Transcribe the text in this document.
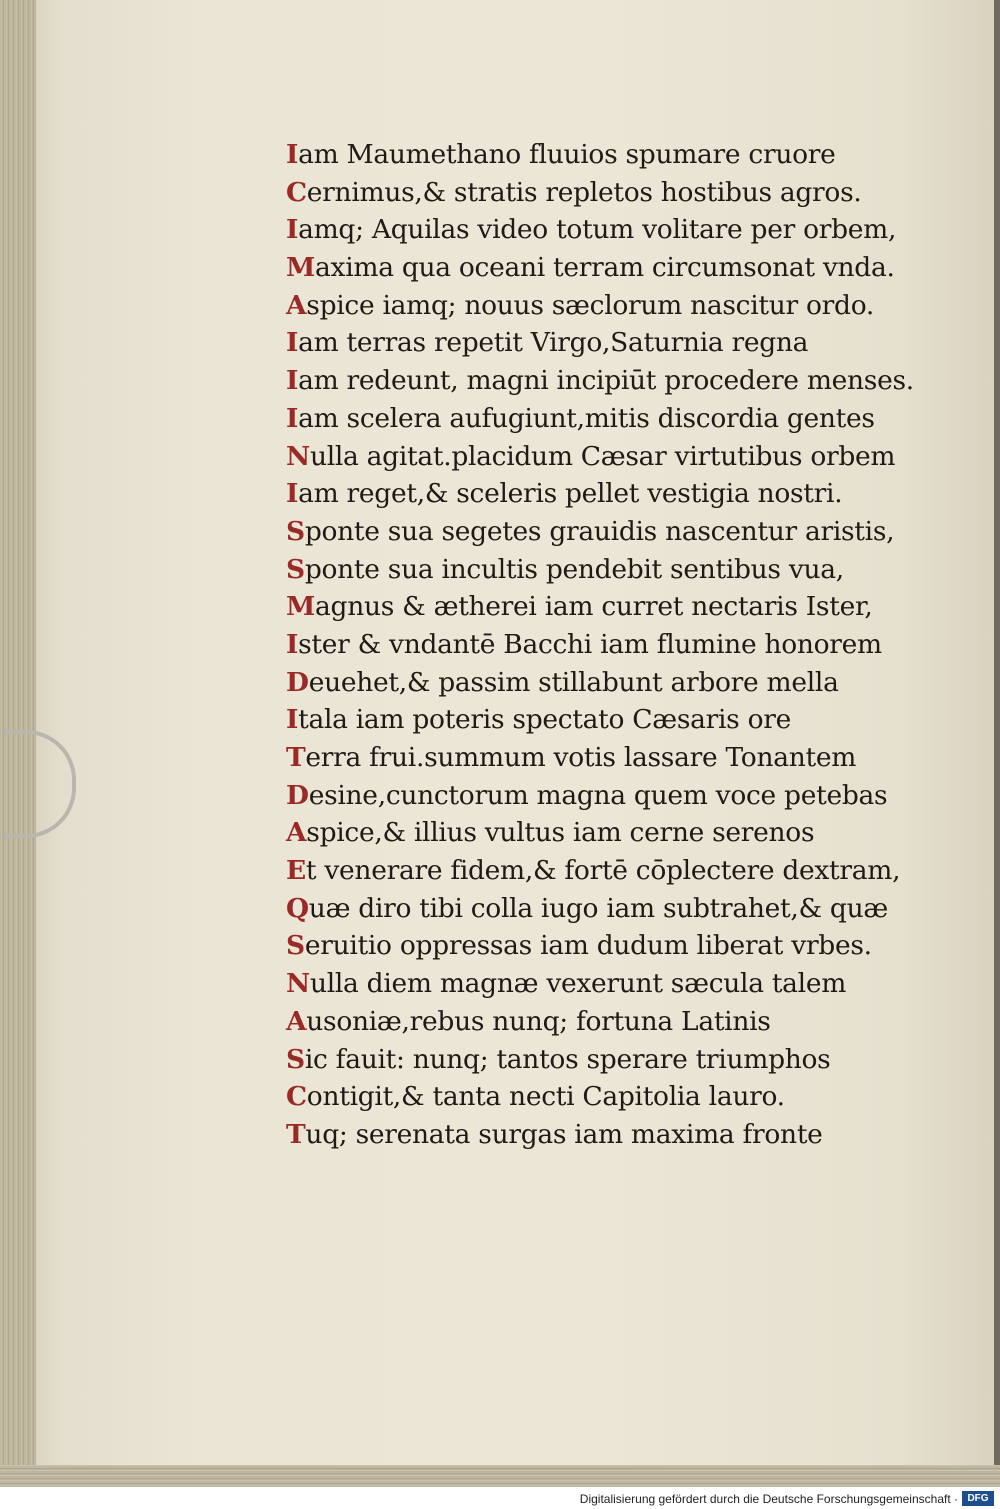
Iam Maumethano fluuios spumare cruore
Cernimus,& stratis repletos hostibus agros.
Iamq; Aquilas video totum volitare per orbem,
Maxima qua oceani terram circumsonat vnda.
Aspice iamq; nouus sæclorum nascitur ordo.
Iam terras repetit Virgo,Saturnia regna
Iam redeunt, magni incipiūt procedere menses.
Iam scelera aufugiunt,mitis discordia gentes
Nulla agitat.placidum Cæsar virtutibus orbem
Iam reget,& sceleris pellet vestigia nostri.
Sponte sua segetes grauidis nascentur aristis,
Sponte sua incultis pendebit sentibus vua,
Magnus & ætherei iam curret nectaris Ister,
Ister & vndantē Bacchi iam flumine honorem
Deuehet,& passim stillabunt arbore mella
Itala iam poteris spectato Cæsaris ore
Terra frui.summum votis lassare Tonantem
Desine,cunctorum magna quem voce petebas
Aspice,& illius vultus iam cerne serenos
Et venerare fidem,& fortē cōplectere dextram,
Quæ diro tibi colla iugo iam subtrahet,& quæ
Seruitio oppressas iam dudum liberat vrbes.
Nulla diem magnæ vexerunt sæcula talem
Ausoniæ,rebus nunq; fortuna Latinis
Sic fauit: nunq; tantos sperare triumphos
Contigit,& tanta necti Capitolia lauro.
Tuq; serenata surgas iam maxima fronte
Digitalisierung gefördert durch die Deutsche Forschungsgemeinschaft · DFG
